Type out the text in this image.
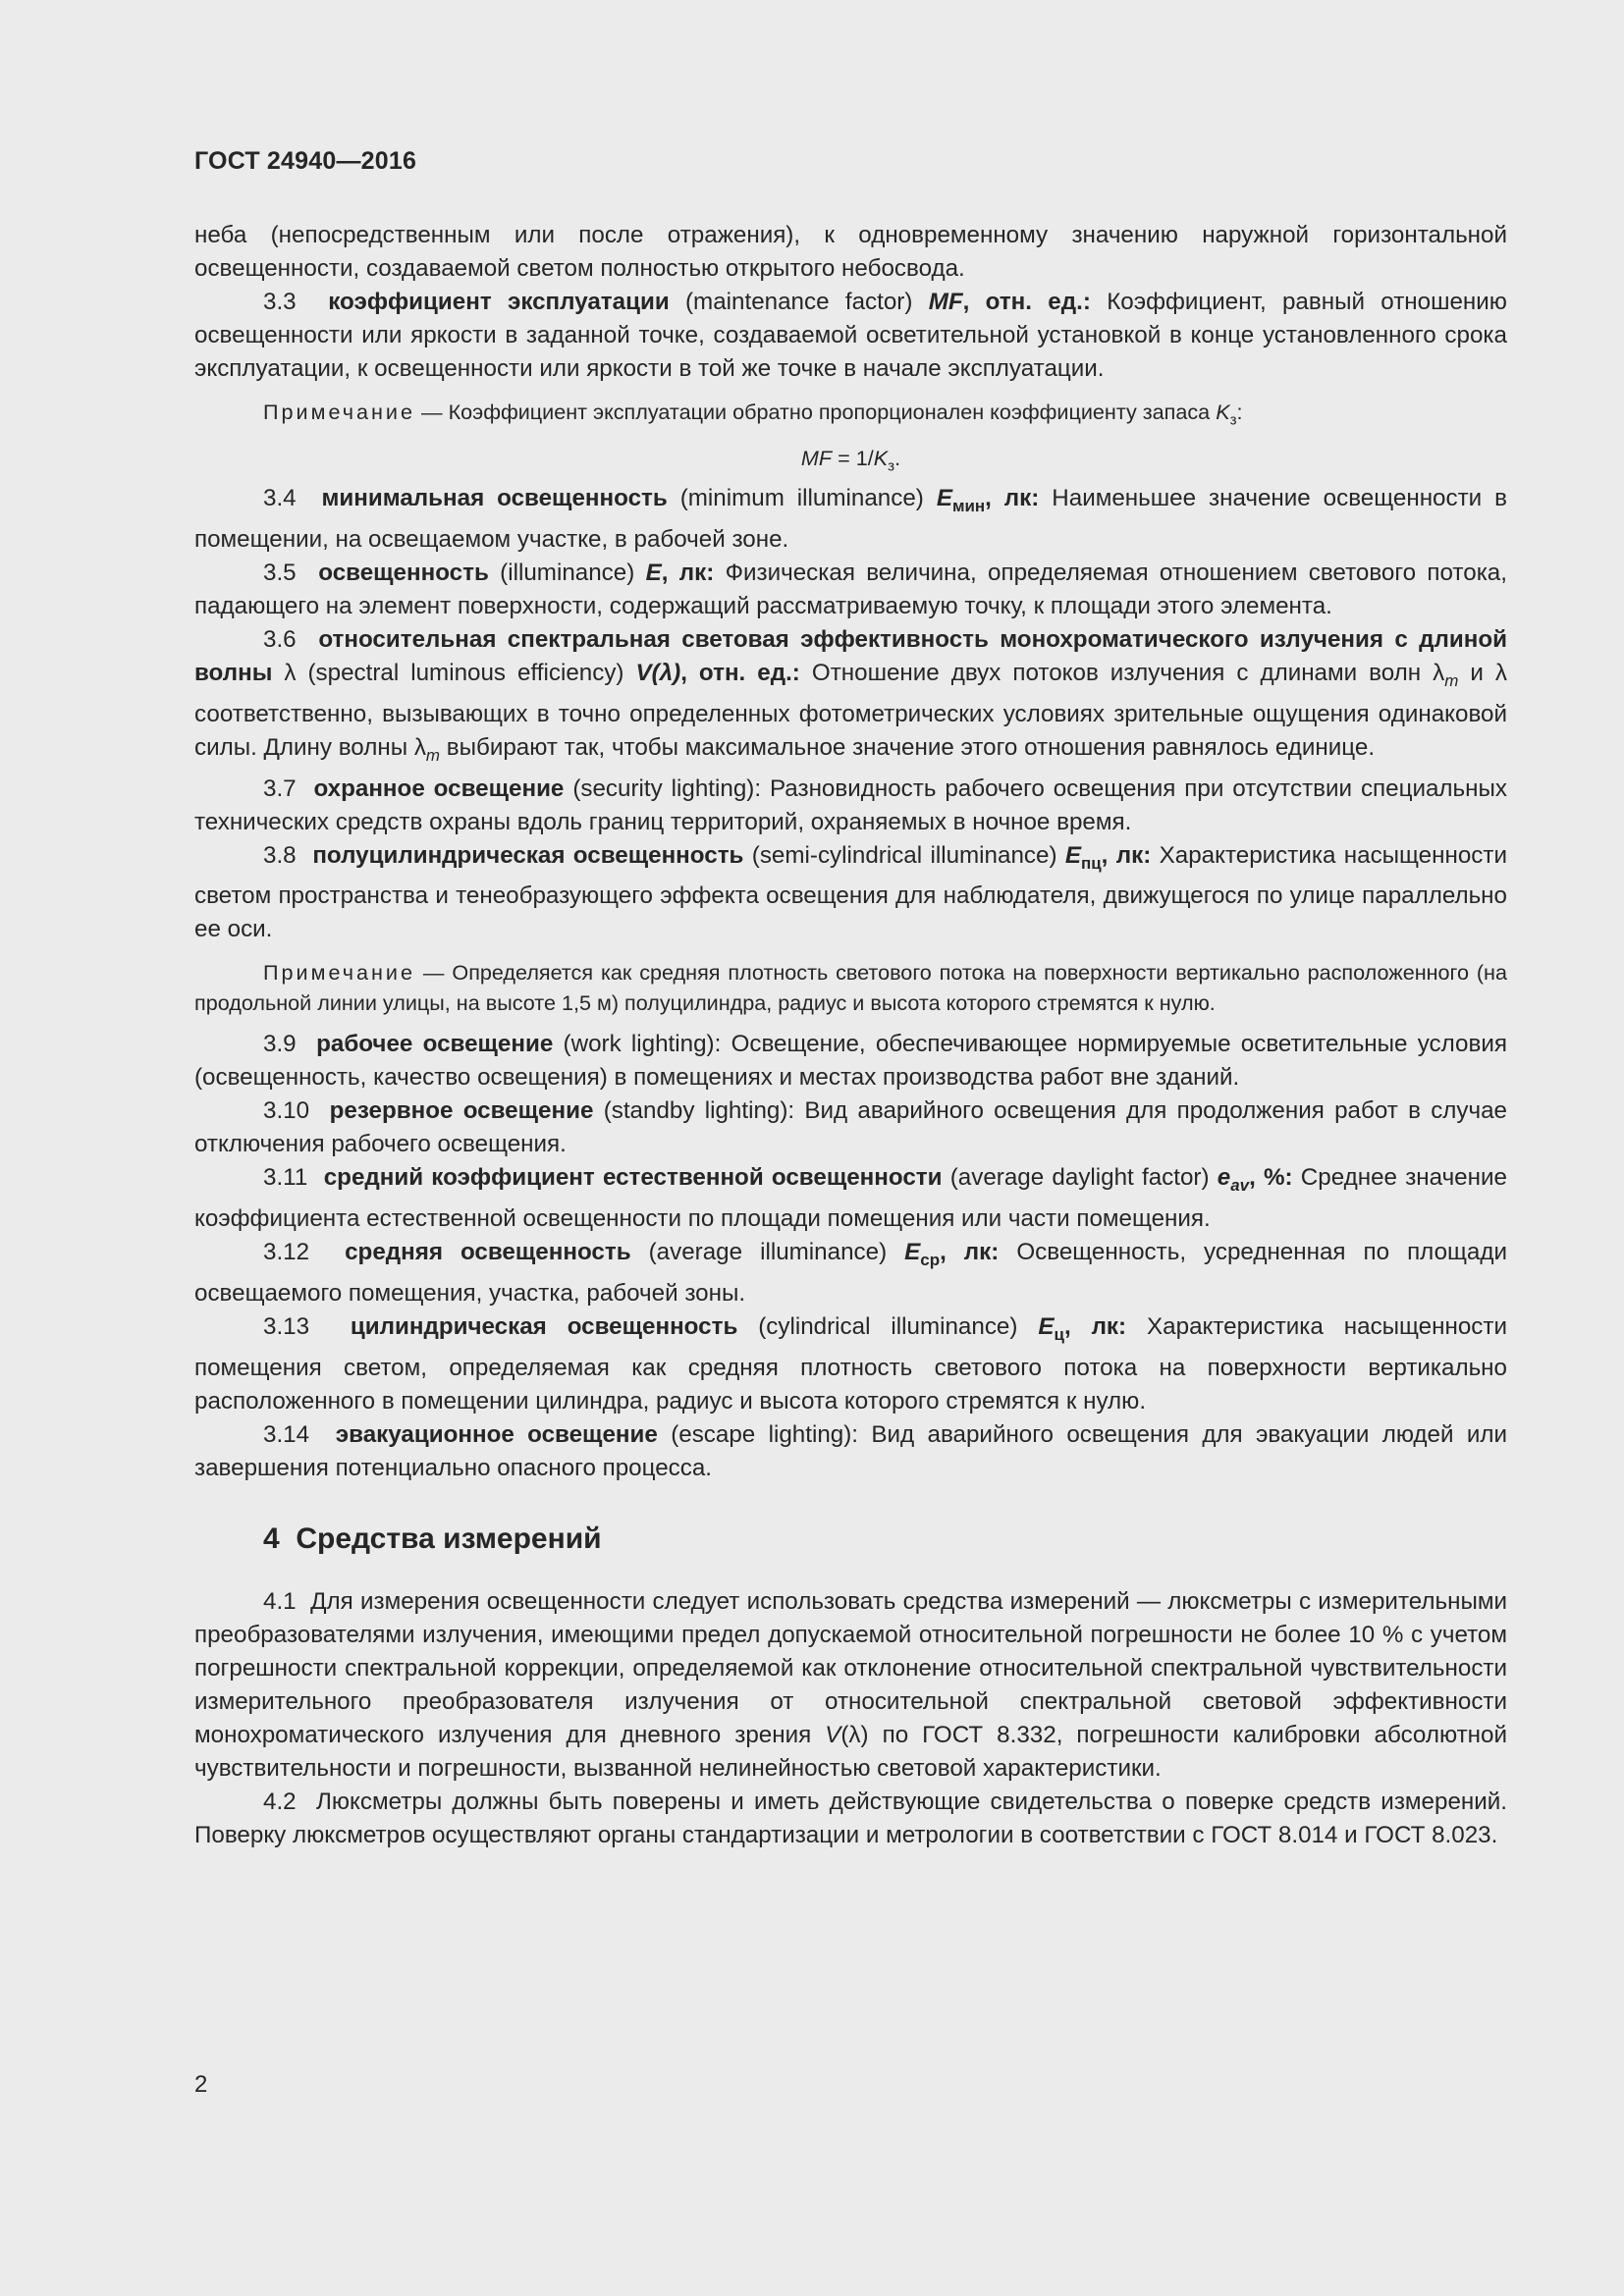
ГОСТ 24940—2016

неба (непосредственным или после отражения), к одновременному значению наружной горизонтальной освещенности, создаваемой светом полностью открытого небосвода.

3.3 коэффициент эксплуатации (maintenance factor) MF, отн. ед.: Коэффициент, равный отношению освещенности или яркости в заданной точке, создаваемой осветительной установкой в конце установленного срока эксплуатации, к освещенности или яркости в той же точке в начале эксплуатации.

Примечание — Коэффициент эксплуатации обратно пропорционален коэффициенту запаса $K_з$:

MF = $1/K_з$.

3.4 минимальная освещенность (minimum illuminance) $E_{мин}$, лк: Наименьшее значение освещенности в помещении, на освещаемом участке, в рабочей зоне.

3.5 освещенность (illuminance) E, лк: Физическая величина, определяемая отношением светового потока, падающего на элемент поверхности, содержащий рассматриваемую точку, к площади этого элемента.

3.6 относительная спектральная световая эффективность монохроматического излучения с длиной волны λ (spectral luminous efficiency) V(λ), отн. ед.: Отношение двух потоков излучения с длинами волн $\lambda_m$ и λ соответственно, вызывающих в точно определенных фотометрических условиях зрительные ощущения одинаковой силы. Длину волны $\lambda_m$ выбирают так, чтобы максимальное значение этого отношения равнялось единице.

3.7 охранное освещение (security lighting): Разновидность рабочего освещения при отсутствии специальных технических средств охраны вдоль границ территорий, охраняемых в ночное время.

3.8 полуцилиндрическая освещенность (semi-cylindrical illuminance) $E_{пц}$, лк: Характеристика насыщенности светом пространства и тенеобразующего эффекта освещения для наблюдателя, движущегося по улице параллельно ее оси.

Примечание — Определяется как средняя плотность светового потока на поверхности вертикально расположенного (на продольной линии улицы, на высоте 1,5 м) полуцилиндра, радиус и высота которого стремятся к нулю.

3.9 рабочее освещение (work lighting): Освещение, обеспечивающее нормируемые осветительные условия (освещенность, качество освещения) в помещениях и местах производства работ вне зданий.

3.10 резервное освещение (standby lighting): Вид аварийного освещения для продолжения работ в случае отключения рабочего освещения.

3.11 средний коэффициент естественной освещенности (average daylight factor) $e_{av}$, %: Среднее значение коэффициента естественной освещенности по площади помещения или части помещения.

3.12 средняя освещенность (average illuminance) $E_{ср}$, лк: Освещенность, усредненная по площади освещаемого помещения, участка, рабочей зоны.

3.13 цилиндрическая освещенность (cylindrical illuminance) $E_ц$, лк: Характеристика насыщенности помещения светом, определяемая как средняя плотность светового потока на поверхности вертикально расположенного в помещении цилиндра, радиус и высота которого стремятся к нулю.

3.14 эвакуационное освещение (escape lighting): Вид аварийного освещения для эвакуации людей или завершения потенциально опасного процесса.

4 Средства измерений

4.1 Для измерения освещенности следует использовать средства измерений — люксметры с измерительными преобразователями излучения, имеющими предел допускаемой относительной погрешности не более 10 % с учетом погрешности спектральной коррекции, определяемой как отклонение относительной спектральной чувствительности измерительного преобразователя излучения от относительной спектральной световой эффективности монохроматического излучения для дневного зрения V(λ) по ГОСТ 8.332, погрешности калибровки абсолютной чувствительности и погрешности, вызванной нелинейностью световой характеристики.

4.2 Люксметры должны быть поверены и иметь действующие свидетельства о поверке средств измерений. Поверку люксметров осуществляют органы стандартизации и метрологии в соответствии с ГОСТ 8.014 и ГОСТ 8.023.

2
